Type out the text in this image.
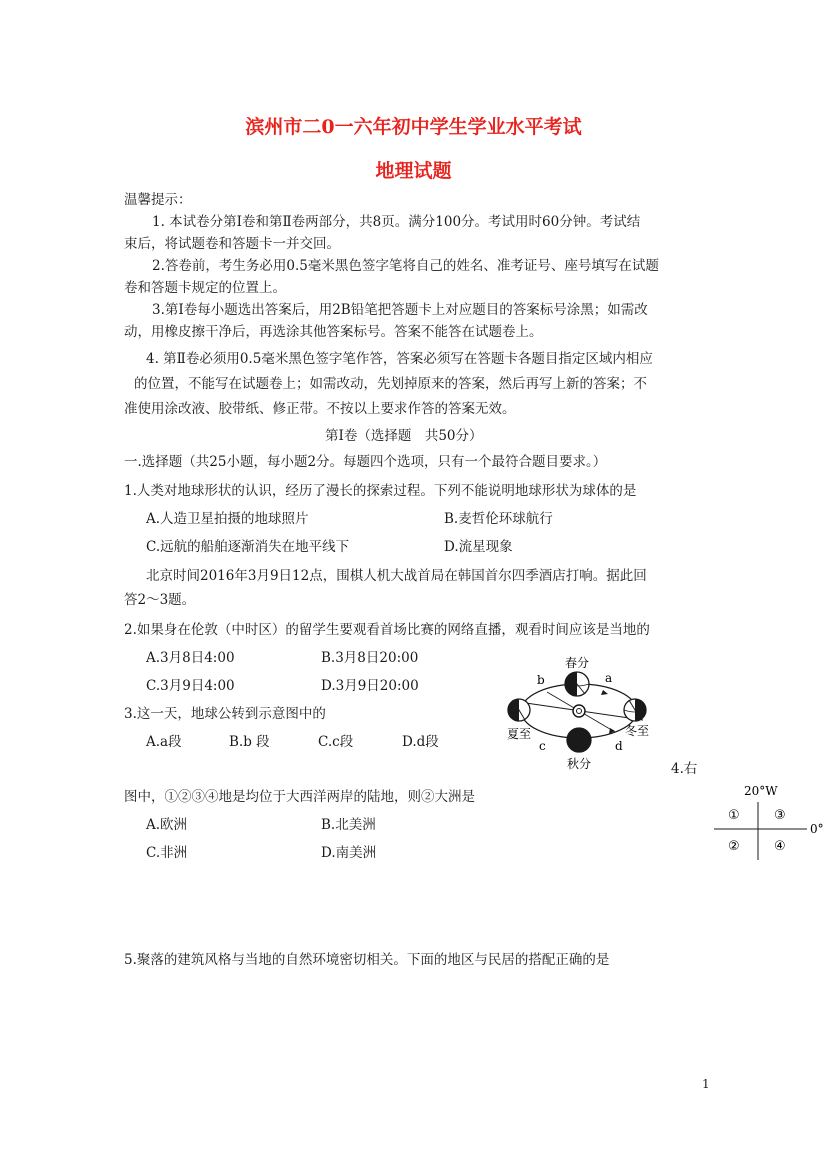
滨州市二0一六年初中学生学业水平考试
地理试题
温馨提示：
1. 本试卷分第Ⅰ卷和第Ⅱ卷两部分，共8页。满分100分。考试用时60分钟。考试结
束后，将试题卷和答题卡一并交回。
2.答卷前，考生务必用0.5毫米黑色签字笔将自己的姓名、准考证号、座号填写在试题
卷和答题卡规定的位置上。
3.第Ⅰ卷每小题选出答案后，用2B铅笔把答题卡上对应题目的答案标号涂黑；如需改
动，用橡皮擦干净后，再选涂其他答案标号。答案不能答在试题卷上。
4. 第Ⅱ卷必须用0.5毫米黑色签字笔作答，答案必须写在答题卡各题目指定区域内相应
的位置，不能写在试题卷上；如需改动，先划掉原来的答案，然后再写上新的答案；不
准使用涂改液、胶带纸、修正带。不按以上要求作答的答案无效。
第Ⅰ卷（选择题　共50分）
一.选择题（共25小题，每小题2分。每题四个选项，只有一个最符合题目要求。）
1.人类对地球形状的认识，经历了漫长的探索过程。下列不能说明地球形状为球体的是
A.人造卫星拍摄的地球照片	B.麦哲伦环球航行
C.远航的船舶逐渐消失在地平线下	D.流星现象
北京时间2016年3月9日12点，围棋人机大战首局在韩国首尔四季酒店打响。据此回
答2～3题。
2.如果身在伦敦（中时区）的留学生要观看首场比赛的网络直播，观看时间应该是当地的
A.3月8日4:00	B.3月8日20:00
C.3月9日4:00	D.3月9日20:00
3.这一天，地球公转到示意图中的
A.a段	B.b 段	C.c段	D.d段
春分
夏至	冬至
秋分
a
b
c	d
4.右
图中，①②③④地是均位于大西洋两岸的陆地，则②大洲是
A.欧洲	B.北美洲
C.非洲	D.南美洲
20°W
0°
①	③
②	④
5.聚落的建筑风格与当地的自然环境密切相关。下面的地区与民居的搭配正确的是
1
